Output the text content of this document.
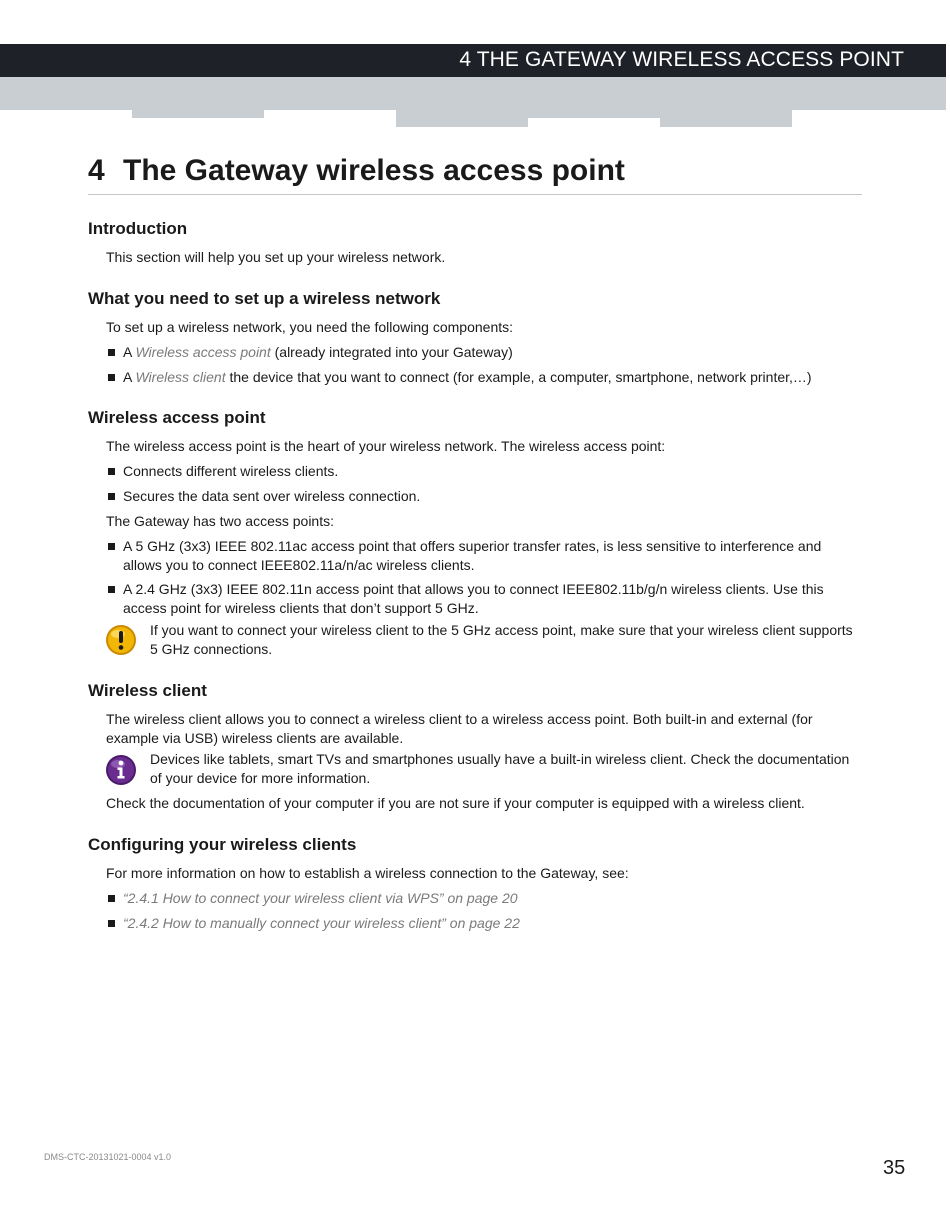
4 THE GATEWAY WIRELESS ACCESS POINT
4 The Gateway wireless access point
Introduction

This section will help you set up your wireless network.

What you need to set up a wireless network

To set up a wireless network, you need the following components:

A Wireless access point (already integrated into your Gateway)
A Wireless client the device that you want to connect (for example, a computer, smartphone, network printer,…)
Wireless access point

The wireless access point is the heart of your wireless network. The wireless access point:

Connects different wireless clients.
Secures the data sent over wireless connection.

The Gateway has two access points:

A 5 GHz (3x3) IEEE 802.11ac access point that offers superior transfer rates, is less sensitive to interference and allows you to connect IEEE802.11a/n/ac wireless clients.
A 2.4 GHz (3x3) IEEE 802.11n access point that allows you to connect IEEE802.11b/g/n wireless clients. Use this access point for wireless clients that don’t support 5 GHz.

If you want to connect your wireless client to the 5 GHz access point, make sure that your wireless client supports 5 GHz connections.

Wireless client

The wireless client allows you to connect a wireless client to a wireless access point. Both built-in and external (for example via USB) wireless clients are available.

Devices like tablets, smart TVs and smartphones usually have a built-in wireless client. Check the documentation of your device for more information.

Check the documentation of your computer if you are not sure if your computer is equipped with a wireless client.

Configuring your wireless clients

For more information on how to establish a wireless connection to the Gateway, see:

“2.4.1 How to connect your wireless client via WPS” on page 20
“2.4.2 How to manually connect your wireless client” on page 22
DMS-CTC-20131021-0004 v1.0	35
